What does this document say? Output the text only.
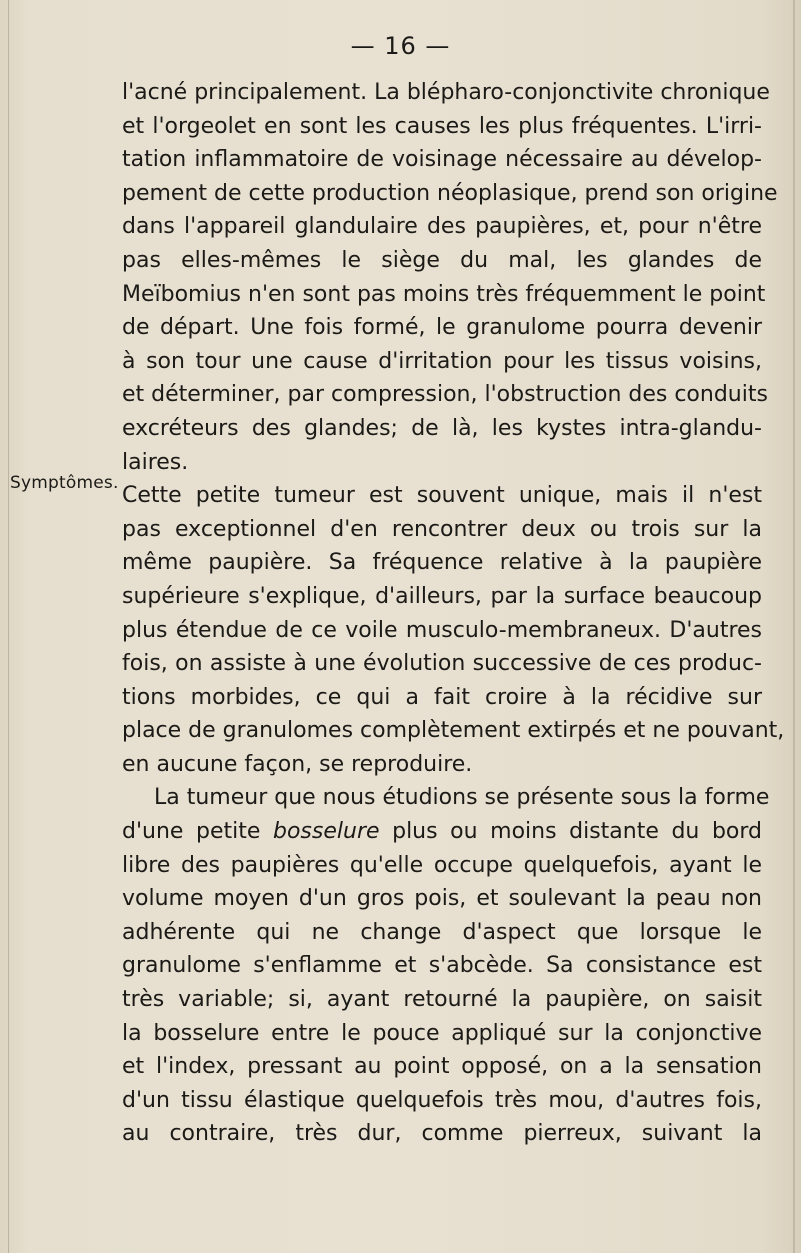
— 16 —
Symptômes.
l'acné principalement. La blépharo-conjonctivite chronique
et l'orgeolet en sont les causes les plus fréquentes. L'irri-
tation inflammatoire de voisinage nécessaire au dévelop-
pement de cette production néoplasique, prend son origine
dans l'appareil glandulaire des paupières, et, pour n'être
pas elles-mêmes le siège du mal, les glandes de
Meïbomius n'en sont pas moins très fréquemment le point
de départ. Une fois formé, le granulome pourra devenir
à son tour une cause d'irritation pour les tissus voisins,
et déterminer, par compression, l'obstruction des conduits
excréteurs des glandes; de là, les kystes intra-glandu-
laires.
Cette petite tumeur est souvent unique, mais il n'est
pas exceptionnel d'en rencontrer deux ou trois sur la
même paupière. Sa fréquence relative à la paupière
supérieure s'explique, d'ailleurs, par la surface beaucoup
plus étendue de ce voile musculo-membraneux. D'autres
fois, on assiste à une évolution successive de ces produc-
tions morbides, ce qui a fait croire à la récidive sur
place de granulomes complètement extirpés et ne pouvant,
en aucune façon, se reproduire.
La tumeur que nous étudions se présente sous la forme
d'une petite bosselure plus ou moins distante du bord
libre des paupières qu'elle occupe quelquefois, ayant le
volume moyen d'un gros pois, et soulevant la peau non
adhérente qui ne change d'aspect que lorsque le
granulome s'enflamme et s'abcède. Sa consistance est
très variable; si, ayant retourné la paupière, on saisit
la bosselure entre le pouce appliqué sur la conjonctive
et l'index, pressant au point opposé, on a la sensation
d'un tissu élastique quelquefois très mou, d'autres fois,
au contraire, très dur, comme pierreux, suivant la
